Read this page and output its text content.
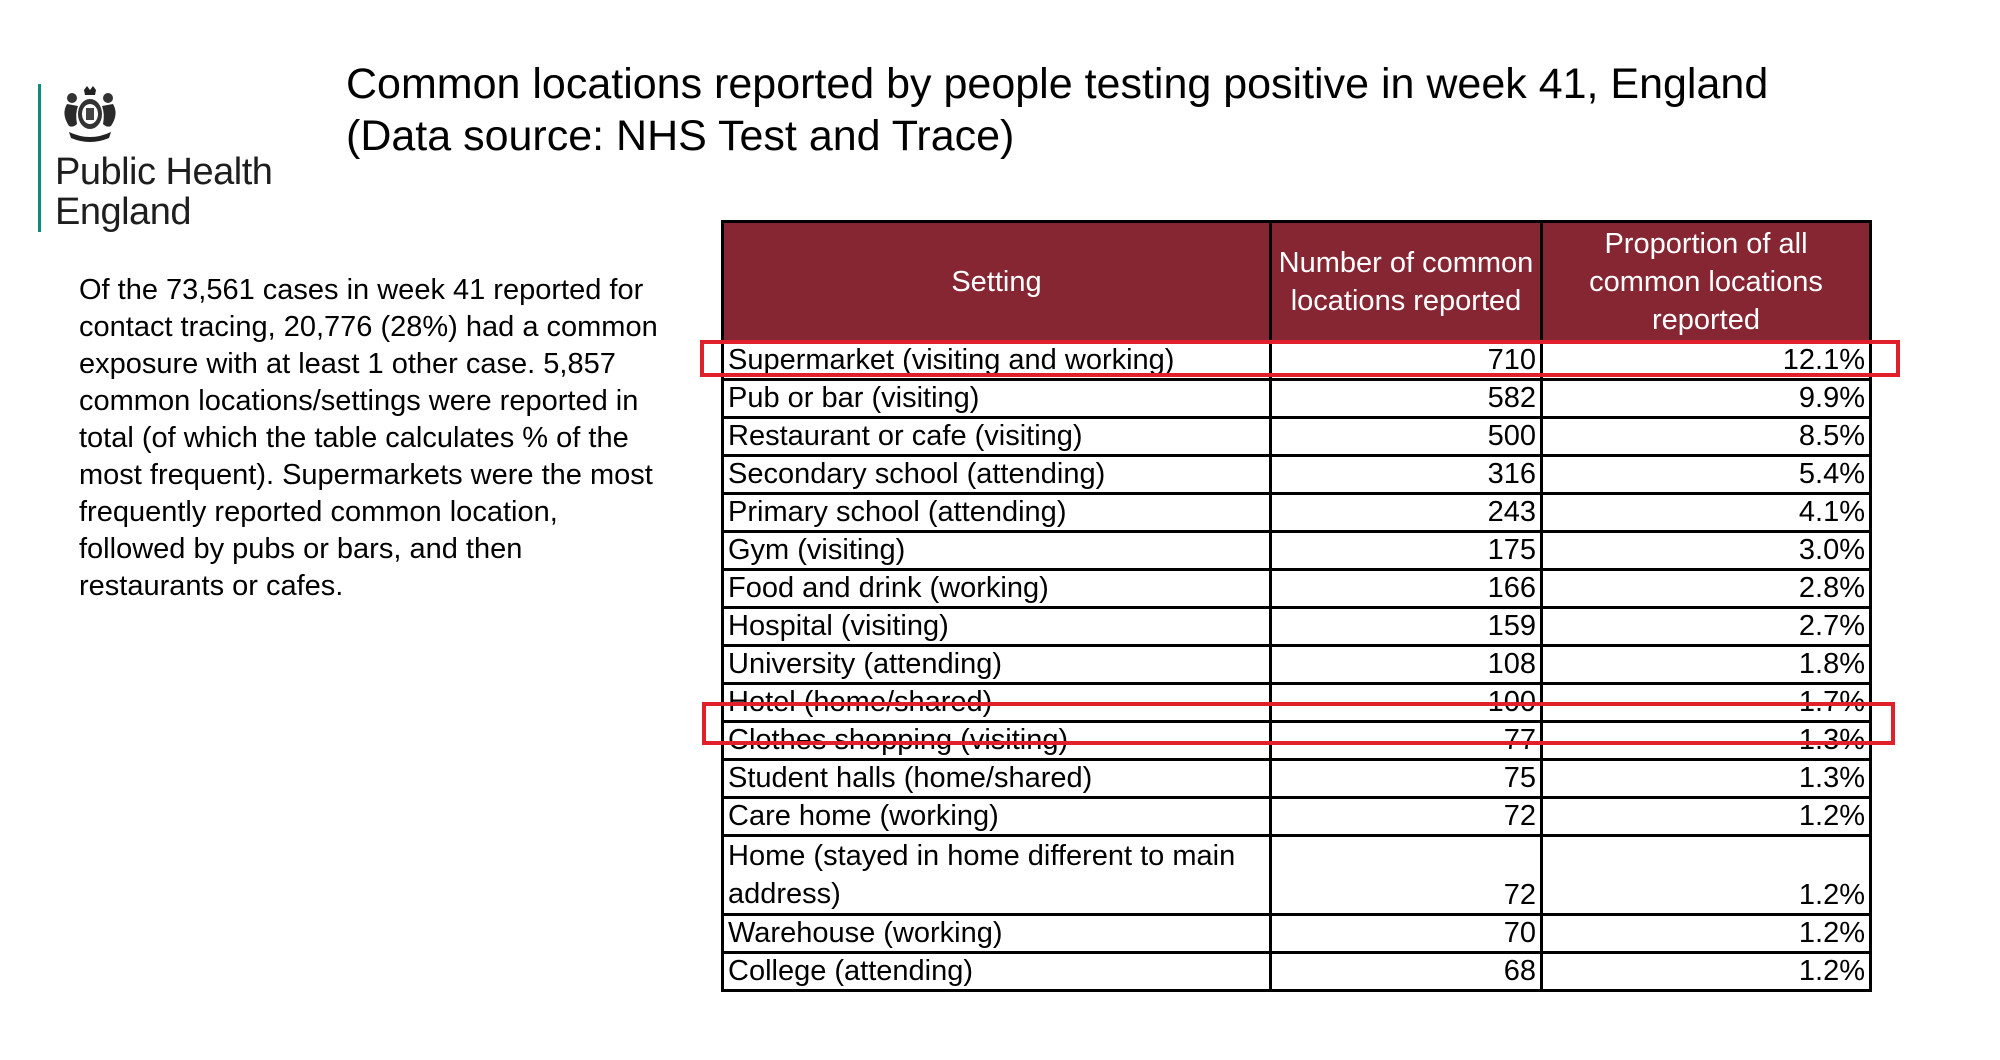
Public Health
England
Common locations reported by people testing positive in week 41, England
(Data source: NHS Test and Trace)
Of the 73,561 cases in week 41 reported for contact tracing, 20,776 (28%) had a common exposure with at least 1 other case. 5,857 common locations/settings were reported in total (of which the table calculates % of the most frequent). Supermarkets were the most frequently reported common location, followed by pubs or bars, and then restaurants or cafes.
Setting	Number of common locations reported	Proportion of all common locations reported
Supermarket (visiting and working)	710	12.1%
Pub or bar (visiting)	582	9.9%
Restaurant or cafe (visiting)	500	8.5%
Secondary school (attending)	316	5.4%
Primary school (attending)	243	4.1%
Gym (visiting)	175	3.0%
Food and drink (working)	166	2.8%
Hospital (visiting)	159	2.7%
University (attending)	108	1.8%
Hotel (home/shared)	100	1.7%
Clothes shopping (visiting)	77	1.3%
Student halls (home/shared)	75	1.3%
Care home (working)	72	1.2%
Home (stayed in home different to main address)	72	1.2%
Warehouse (working)	70	1.2%
College (attending)	68	1.2%
